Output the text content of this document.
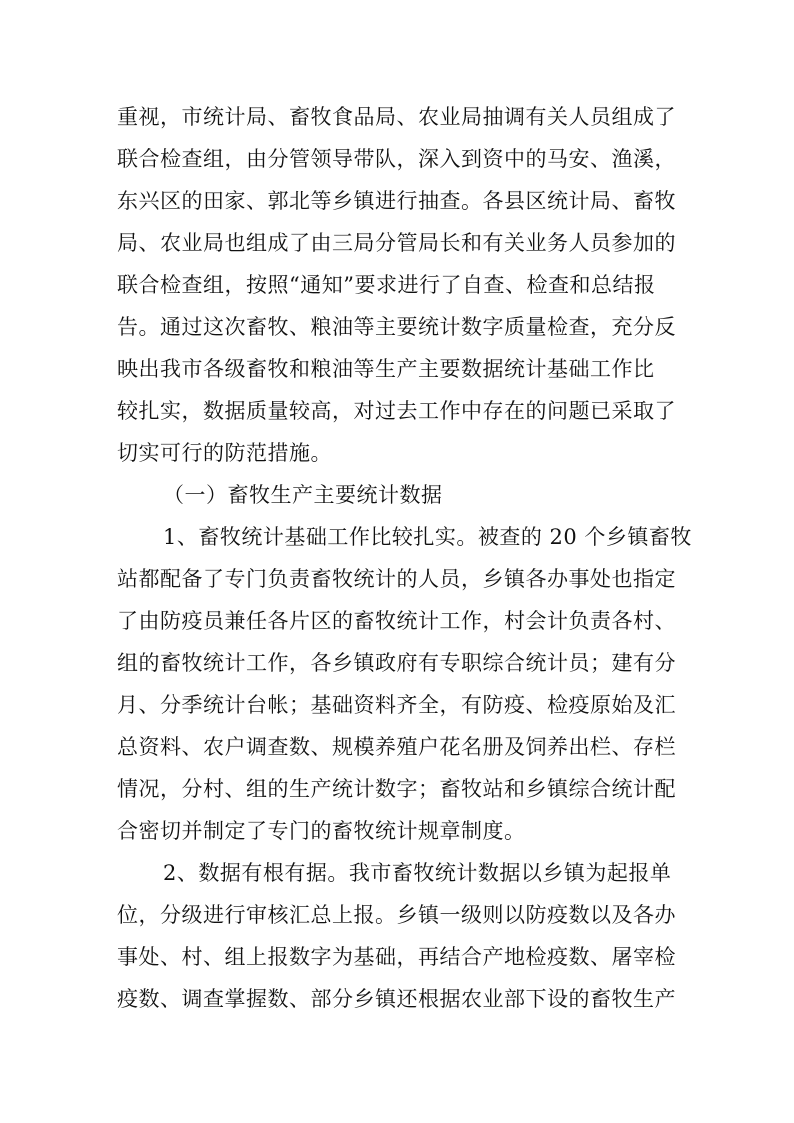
重视，市统计局、畜牧食品局、农业局抽调有关人员组成了
联合检查组，由分管领导带队，深入到资中的马安、渔溪，
东兴区的田家、郭北等乡镇进行抽查。各县区统计局、畜牧
局、农业局也组成了由三局分管局长和有关业务人员参加的
联合检查组，按照“通知”要求进行了自查、检查和总结报
告。通过这次畜牧、粮油等主要统计数字质量检查，充分反
映出我市各级畜牧和粮油等生产主要数据统计基础工作比
较扎实，数据质量较高，对过去工作中存在的问题已采取了
切实可行的防范措施。
（一）畜牧生产主要统计数据
1、畜牧统计基础工作比较扎实。被查的 20 个乡镇畜牧
站都配备了专门负责畜牧统计的人员，乡镇各办事处也指定
了由防疫员兼任各片区的畜牧统计工作，村会计负责各村、
组的畜牧统计工作，各乡镇政府有专职综合统计员；建有分
月、分季统计台帐；基础资料齐全，有防疫、检疫原始及汇
总资料、农户调查数、规模养殖户花名册及饲养出栏、存栏
情况，分村、组的生产统计数字；畜牧站和乡镇综合统计配
合密切并制定了专门的畜牧统计规章制度。
2、数据有根有据。我市畜牧统计数据以乡镇为起报单
位，分级进行审核汇总上报。乡镇一级则以防疫数以及各办
事处、村、组上报数字为基础，再结合产地检疫数、屠宰检
疫数、调查掌握数、部分乡镇还根据农业部下设的畜牧生产
